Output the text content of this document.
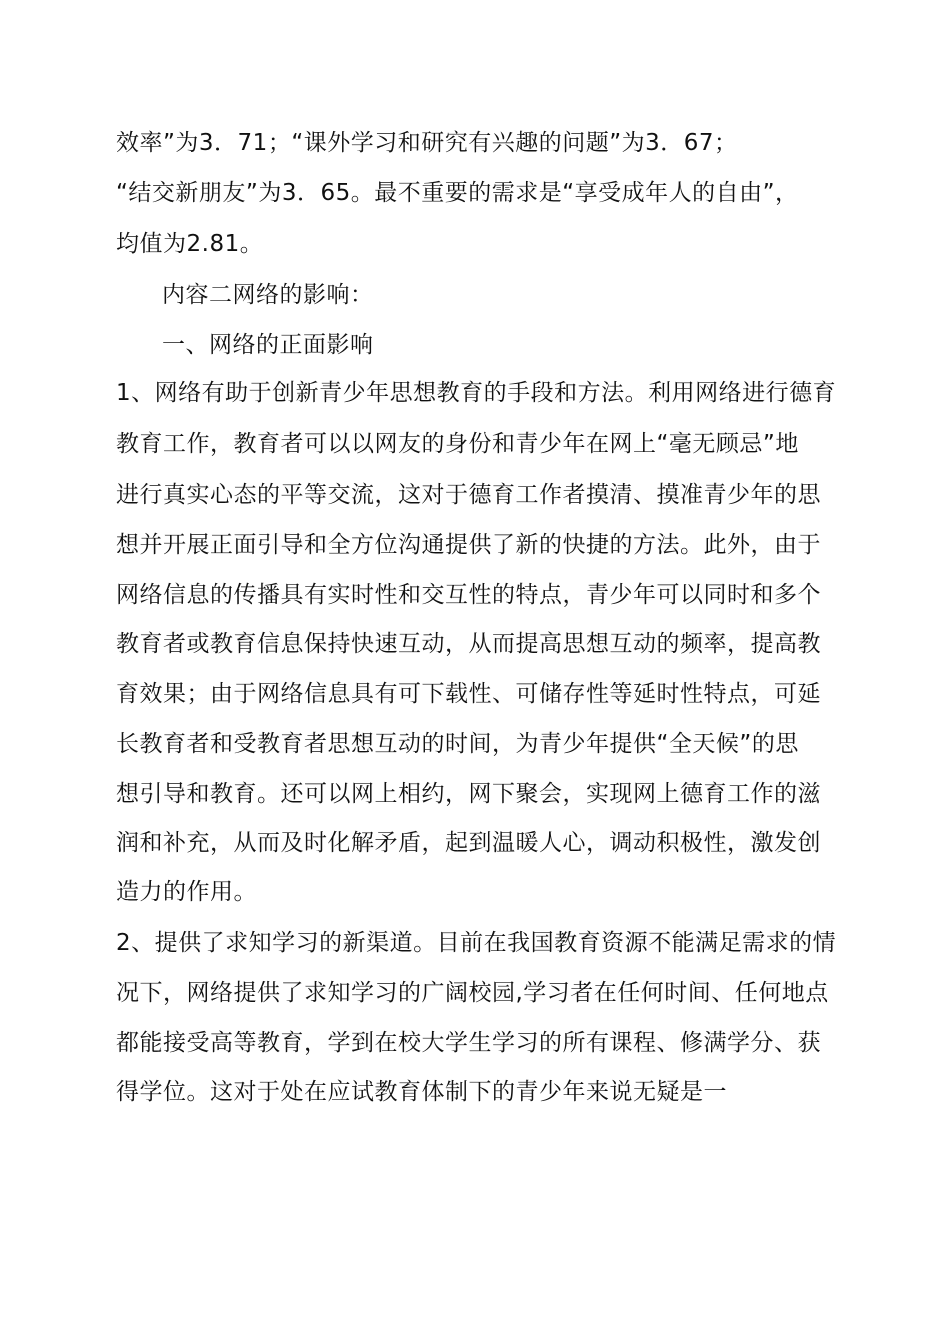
效率”为3．71；“课外学习和研究有兴趣的问题”为3．67；
“结交新朋友”为3．65。最不重要的需求是“享受成年人的自由”，
均值为2.81。
内容二网络的影响：
一、网络的正面影响
1、网络有助于创新青少年思想教育的手段和方法。利用网络进行德育
教育工作，教育者可以以网友的身份和青少年在网上“毫无顾忌”地
进行真实心态的平等交流，这对于德育工作者摸清、摸准青少年的思
想并开展正面引导和全方位沟通提供了新的快捷的方法。此外，由于
网络信息的传播具有实时性和交互性的特点，青少年可以同时和多个
教育者或教育信息保持快速互动，从而提高思想互动的频率，提高教
育效果；由于网络信息具有可下载性、可储存性等延时性特点，可延
长教育者和受教育者思想互动的时间，为青少年提供“全天候”的思
想引导和教育。还可以网上相约，网下聚会，实现网上德育工作的滋
润和补充，从而及时化解矛盾，起到温暖人心，调动积极性，激发创
造力的作用。
2、提供了求知学习的新渠道。目前在我国教育资源不能满足需求的情
况下，网络提供了求知学习的广阔校园,学习者在任何时间、任何地点
都能接受高等教育，学到在校大学生学习的所有课程、修满学分、获
得学位。这对于处在应试教育体制下的青少年来说无疑是一
